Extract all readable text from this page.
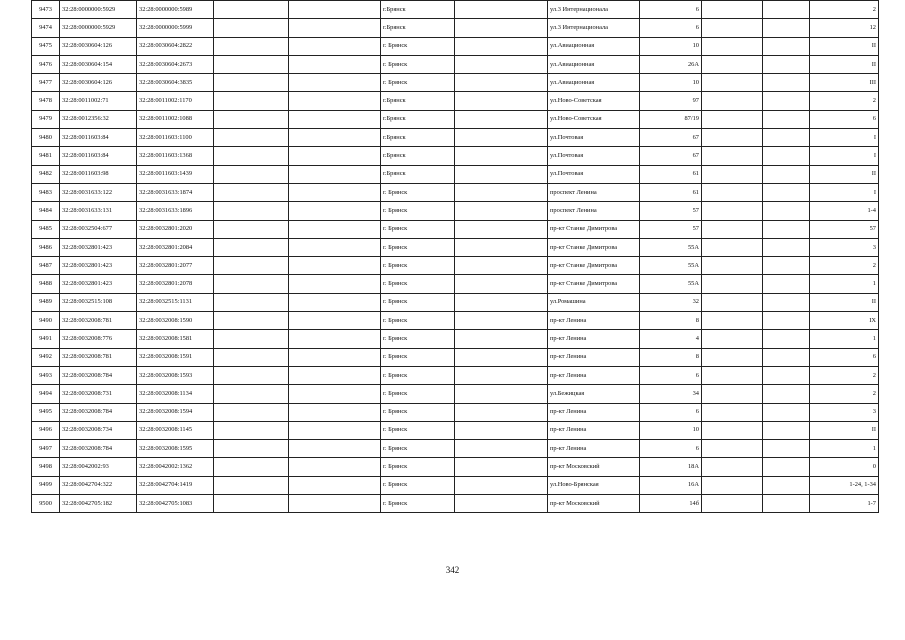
9473	32:28:0000000:5929	32:28:0000000:5989			г.Брянск		ул.3 Интернационала	6			2
9474	32:28:0000000:5929	32:28:0000000:5999			г.Брянск		ул.3 Интернационала	6			12
9475	32:28:0030604:126	32:28:0030604:2822			г. Брянск		ул.Авиационная	10			II
9476	32:28:0030604:154	32:28:0030604:2673			г. Брянск		ул.Авиационная	26А			II
9477	32:28:0030604:126	32:28:0030604:3835			г. Брянск		ул.Авиационная	10			III
9478	32:28:0011002:71	32:28:0011002:1170			г.Брянск		ул.Ново-Советская	97			2
9479	32:28:0012356:32	32:28:0011002:1088			г.Брянск		ул.Ново-Советская	87/19			6
9480	32:28:0011603:84	32:28:0011603:1100			г.Брянск		ул.Почтовая	67			I
9481	32:28:0011603:84	32:28:0011603:1368			г.Брянск		ул.Почтовая	67			I
9482	32:28:0011603:98	32:28:0011603:1439			г.Брянск		ул.Почтовая	61			II
9483	32:28:0031633:122	32:28:0031633:1874			г. Брянск		проспект Ленина	61			I
9484	32:28:0031633:131	32:28:0031633:1896			г. Брянск		проспект Ленина	57			1-4
9485	32:28:0032504:677	32:28:0032801:2020			г. Брянск		пр-кт Станке Димитрова	57			57
9486	32:28:0032801:423	32:28:0032801:2084			г. Брянск		пр-кт Станке Димитрова	55А			3
9487	32:28:0032801:423	32:28:0032801:2077			г. Брянск		пр-кт Станке Димитрова	55А			2
9488	32:28:0032801:423	32:28:0032801:2078			г. Брянск		пр-кт Станке Димитрова	55А			1
9489	32:28:0032515:108	32:28:0032515:1131			г. Брянск		ул.Ромашина	32			II
9490	32:28:0032008:781	32:28:0032008:1590			г. Брянск		пр-кт Ленина	8			IX
9491	32:28:0032008:776	32:28:0032008:1581			г. Брянск		пр-кт Ленина	4			1
9492	32:28:0032008:781	32:28:0032008:1591			г. Брянск		пр-кт Ленина	8			6
9493	32:28:0032008:784	32:28:0032008:1593			г. Брянск		пр-кт Ленина	6			2
9494	32:28:0032008:731	32:28:0032008:1134			г. Брянск		ул.Бежицкая	34			2
9495	32:28:0032008:784	32:28:0032008:1594			г. Брянск		пр-кт Ленина	6			3
9496	32:28:0032008:734	32:28:0032008:1145			г. Брянск		пр-кт Ленина	10			II
9497	32:28:0032008:784	32:28:0032008:1595			г. Брянск		пр-кт Ленина	6			1
9498	32:28:0042002:93	32:28:0042002:1362			г. Брянск		пр-кт Московский	18А			0
9499	32:28:0042704:322	32:28:0042704:1419			г. Брянск		ул.Ново-Брянская	16А			1-24, 1-34
9500	32:28:0042705:182	32:28:0042705:1083			г. Брянск		пр-кт Московский	14б			1-7
342
